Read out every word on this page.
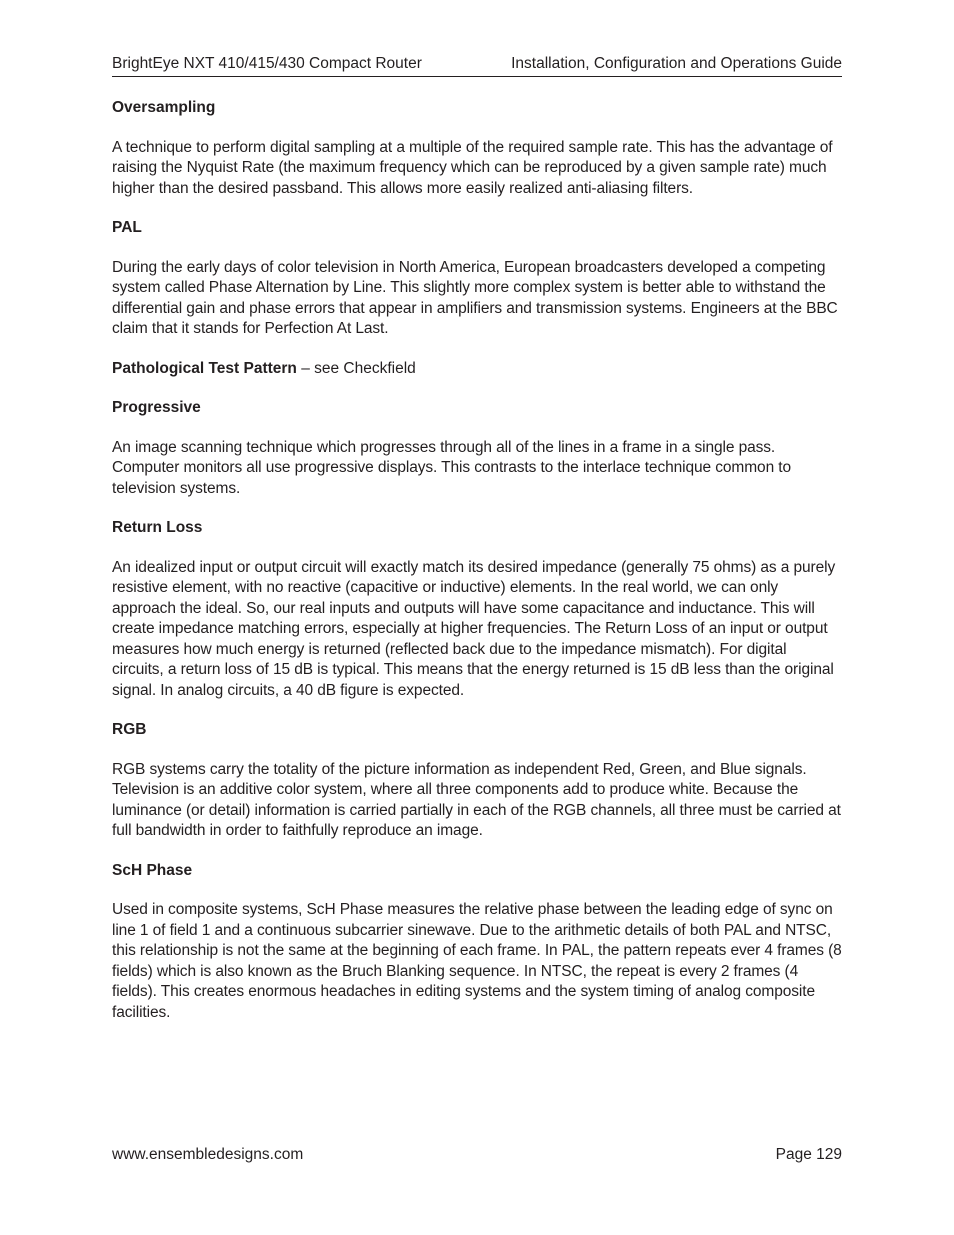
BrightEye NXT 410/415/430 Compact Router	Installation, Configuration and Operations Guide
Oversampling

A technique to perform digital sampling at a multiple of the required sample rate. This has the advantage of raising the Nyquist Rate (the maximum frequency which can be reproduced by a given sample rate) much higher than the desired passband. This allows more easily realized anti-aliasing filters.

PAL

During the early days of color television in North America, European broadcasters developed a competing system called Phase Alternation by Line. This slightly more complex system is better able to withstand the differential gain and phase errors that appear in amplifiers and transmission systems. Engineers at the BBC claim that it stands for Perfection At Last.

Pathological Test Pattern – see Checkfield
Progressive

An image scanning technique which progresses through all of the lines in a frame in a single pass. Computer monitors all use progressive displays. This contrasts to the interlace technique common to television systems.

Return Loss

An idealized input or output circuit will exactly match its desired impedance (generally 75 ohms) as a purely resistive element, with no reactive (capacitive or inductive) elements. In the real world, we can only approach the ideal. So, our real inputs and outputs will have some capacitance and inductance. This will create impedance matching errors, especially at higher frequencies. The Return Loss of an input or output measures how much energy is returned (reflected back due to the impedance mismatch). For digital circuits, a return loss of 15 dB is typical. This means that the energy returned is 15 dB less than the original signal. In analog circuits, a 40 dB figure is expected.

RGB

RGB systems carry the totality of the picture information as independent Red, Green, and Blue signals. Television is an additive color system, where all three components add to produce white. Because the luminance (or detail) information is carried partially in each of the RGB channels, all three must be carried at full bandwidth in order to faithfully reproduce an image.

ScH Phase

Used in composite systems, ScH Phase measures the relative phase between the leading edge of sync on line 1 of field 1 and a continuous subcarrier sinewave. Due to the arithmetic details of both PAL and NTSC, this relationship is not the same at the beginning of each frame. In PAL, the pattern repeats ever 4 frames (8 fields) which is also known as the Bruch Blanking sequence. In NTSC, the repeat is every 2 frames (4 fields). This creates enormous headaches in editing systems and the system timing of analog composite facilities.

www.ensembledesigns.com	Page 129
